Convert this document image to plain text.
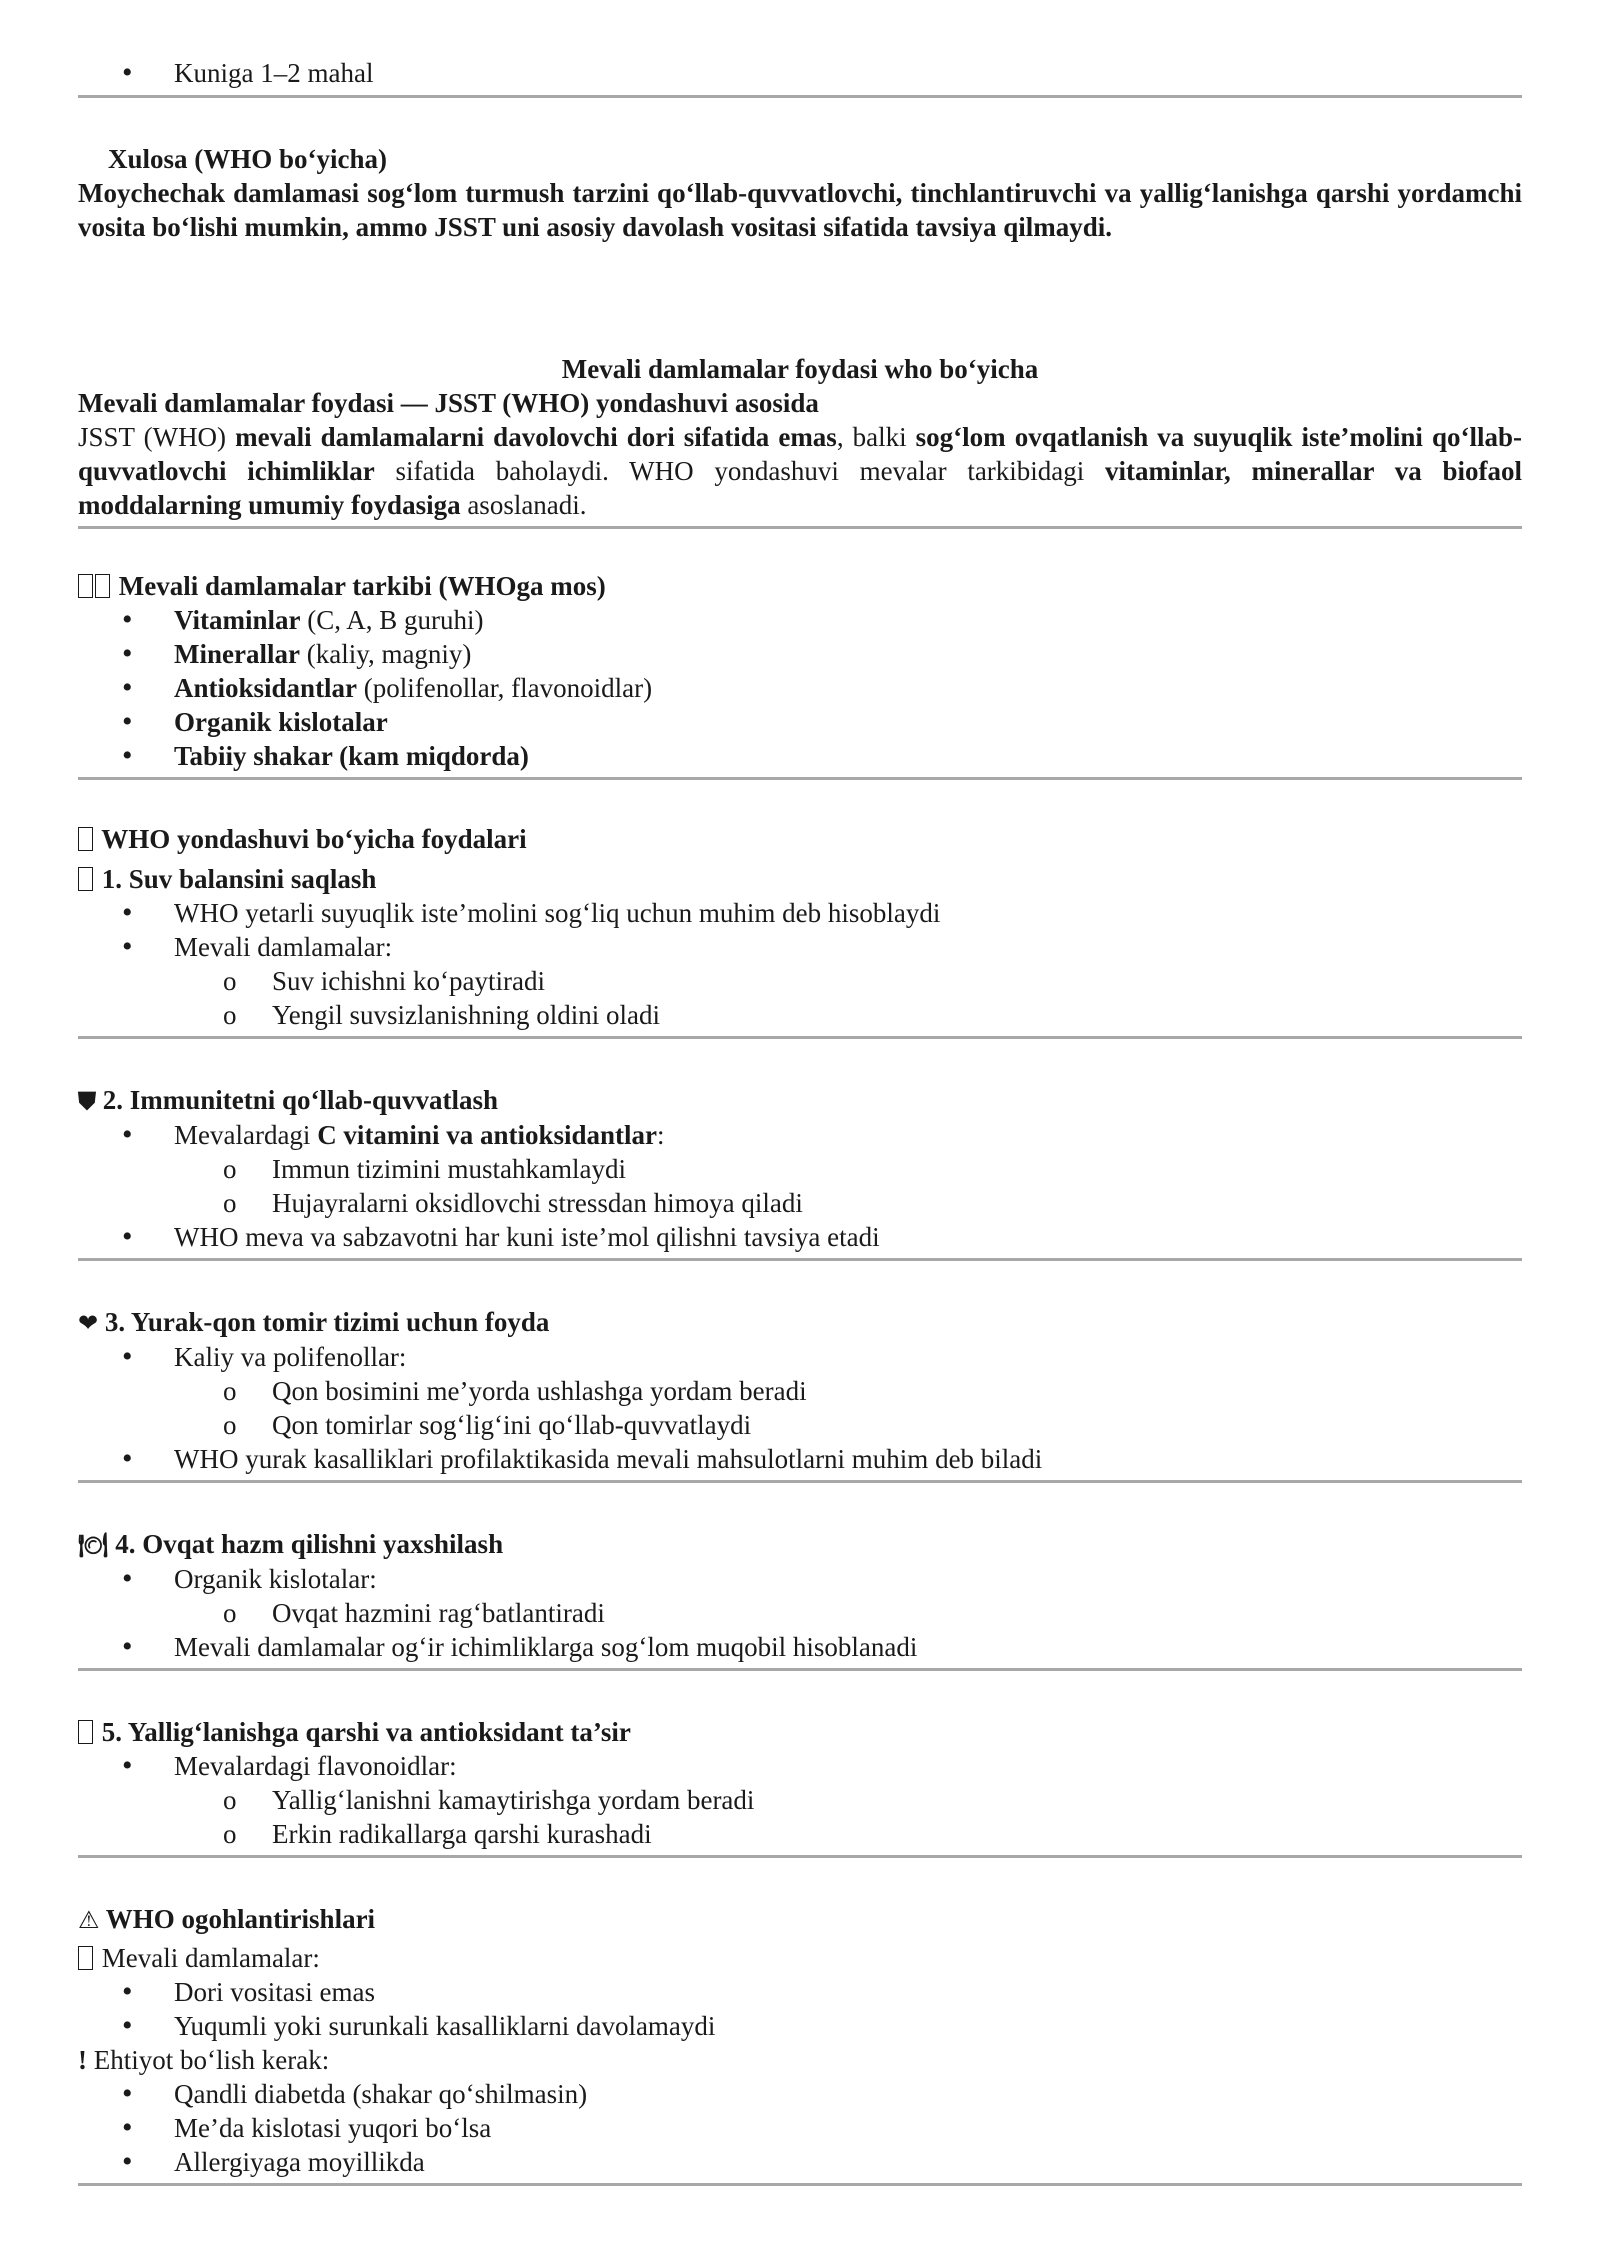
• Kuniga 1–2 mahal
Xulosa (WHO bo‘yicha)
Moychechak damlamasi sog‘lom turmush tarzini qo‘llab-quvvatlovchi, tinchlantiruvchi va yallig‘lanishga qarshi yordamchi vosita bo‘lishi mumkin, ammo JSST uni asosiy davolash vositasi sifatida tavsiya qilmaydi.
Mevali damlamalar foydasi who bo‘yicha
Mevali damlamalar foydasi — JSST (WHO) yondashuvi asosida
JSST (WHO) mevali damlamalarni davolovchi dori sifatida emas, balki sog‘lom ovqatlanish va suyuqlik iste’molini qo‘llab-quvvatlovchi ichimliklar sifatida baholaydi. WHO yondashuvi mevalar tarkibidagi vitaminlar, minerallar va biofaol moddalarning umumiy foydasiga asoslanadi.
Mevali damlamalar tarkibi (WHOga mos)
• Vitaminlar (C, A, B guruhi)
• Minerallar (kaliy, magniy)
• Antioksidantlar (polifenollar, flavonoidlar)
• Organik kislotalar
• Tabiiy shakar (kam miqdorda)
WHO yondashuvi bo‘yicha foydalari
1. Suv balansini saqlash
• WHO yetarli suyuqlik iste’molini sog‘liq uchun muhim deb hisoblaydi
• Mevali damlamalar:
o Suv ichishni ko‘paytiradi
o Yengil suvsizlanishning oldini oladi
⛊ 2. Immunitetni qo‘llab-quvvatlash
• Mevalardagi C vitamini va antioksidantlar:
o Immun tizimini mustahkamlaydi
o Hujayralarni oksidlovchi stressdan himoya qiladi
• WHO meva va sabzavotni har kuni iste’mol qilishni tavsiya etadi
❤ 3. Yurak-qon tomir tizimi uchun foyda
• Kaliy va polifenollar:
o Qon bosimini me’yorda ushlashga yordam beradi
o Qon tomirlar sog‘lig‘ini qo‘llab-quvvatlaydi
• WHO yurak kasalliklari profilaktikasida mevali mahsulotlarni muhim deb biladi
🍽 4. Ovqat hazm qilishni yaxshilash
• Organik kislotalar:
o Ovqat hazmini rag‘batlantiradi
• Mevali damlamalar og‘ir ichimliklarga sog‘lom muqobil hisoblanadi
5. Yallig‘lanishga qarshi va antioksidant ta’sir
• Mevalardagi flavonoidlar:
o Yallig‘lanishni kamaytirishga yordam beradi
o Erkin radikallarga qarshi kurashadi
⚠ WHO ogohlantirishlari
Mevali damlamalar:
• Dori vositasi emas
• Yuqumli yoki surunkali kasalliklarni davolamaydi
! Ehtiyot bo‘lish kerak:
• Qandli diabetda (shakar qo‘shilmasin)
• Me’da kislotasi yuqori bo‘lsa
• Allergiyaga moyillikda
